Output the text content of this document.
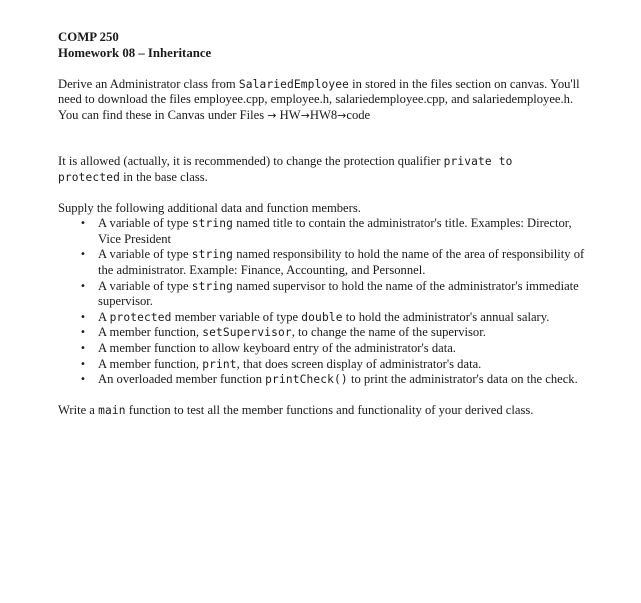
COMP 250

Homework 08 – Inheritance

Derive an Administrator class from SalariedEmployee in stored in the files section on canvas. You'll need to download the files employee.cpp, employee.h, salariedemployee.cpp, and salariedemployee.h. You can find these in Canvas under Files → HW→HW8→code

It is allowed (actually, it is recommended) to change the protection qualifier private to
protected in the base class.

Supply the following additional data and function members.

• A variable of type string named title to contain the administrator's title. Examples: Director, Vice President
• A variable of type string named responsibility to hold the name of the area of responsibility of the administrator. Example: Finance, Accounting, and Personnel.
• A variable of type string named supervisor to hold the name of the administrator's immediate supervisor.
• A protected member variable of type double to hold the administrator's annual salary.
• A member function, setSupervisor, to change the name of the supervisor.
• A member function to allow keyboard entry of the administrator's data.
• A member function, print, that does screen display of administrator's data.
• An overloaded member function printCheck() to print the administrator's data on the check.

Write a main function to test all the member functions and functionality of your derived class.
